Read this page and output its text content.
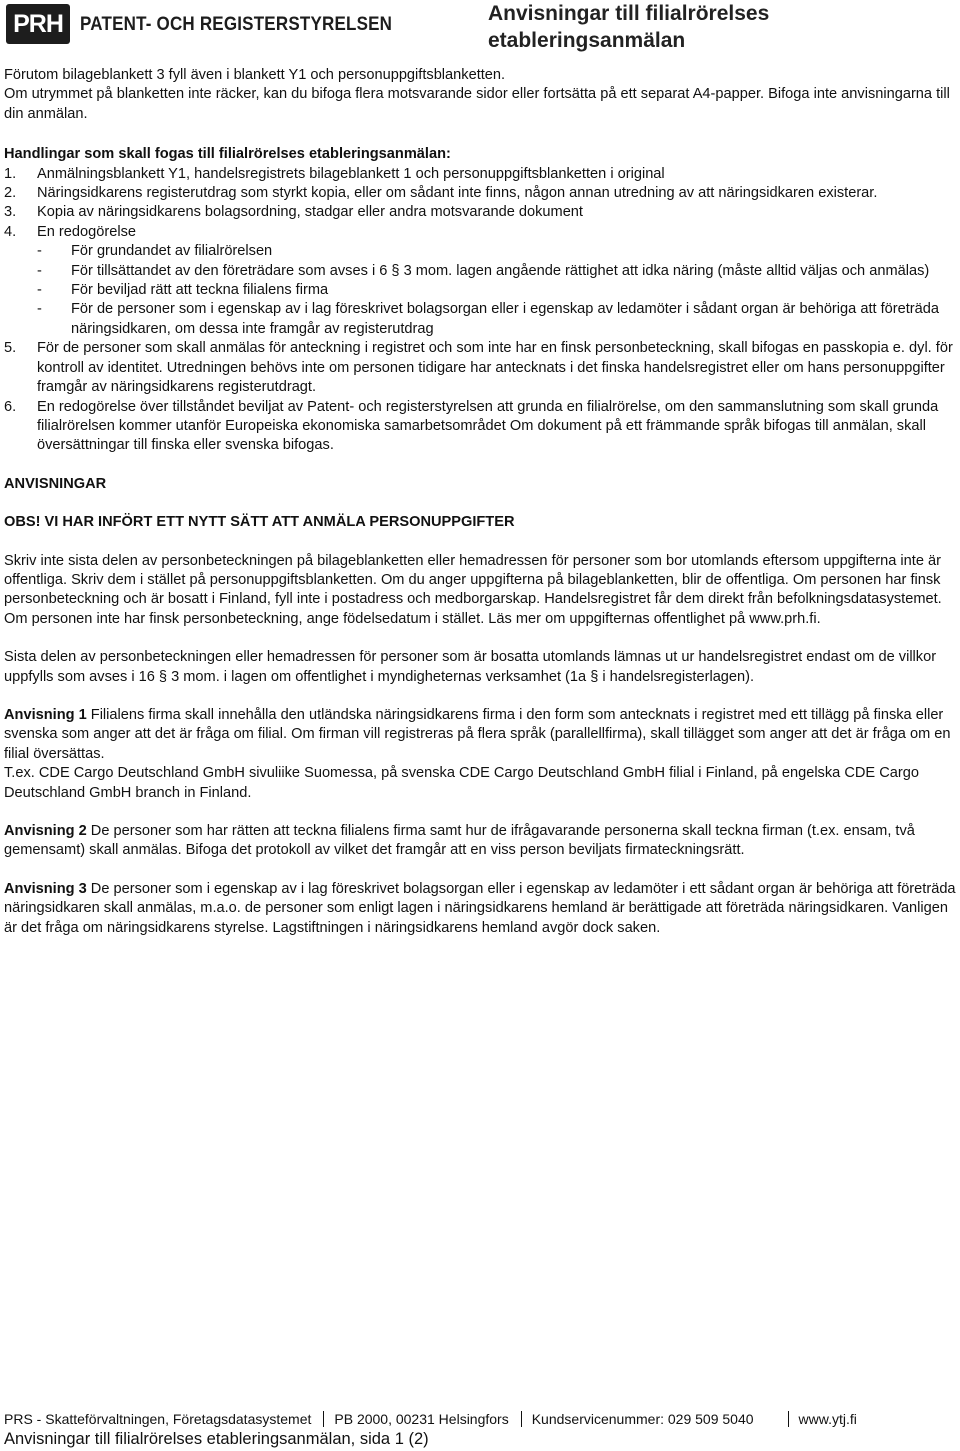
PRH	PATENT- OCH REGISTERSTYRELSEN	Anvisningar till filialrörelses
etableringsanmälan

Förutom bilageblankett 3 fyll även i blankett Y1 och personuppgiftsblanketten.

Om utrymmet på blanketten inte räcker, kan du bifoga flera motsvarande sidor eller fortsätta på ett separat A4-papper. Bifoga inte anvisningarna till din anmälan.

Handlingar som skall fogas till filialrörelses etableringsanmälan:

1.	Anmälningsblankett Y1, handelsregistrets bilageblankett 1 och personuppgiftsblanketten i original
2.	Näringsidkarens registerutdrag som styrkt kopia, eller om sådant inte finns, någon annan utredning av att näringsidkaren existerar.
3.	Kopia av näringsidkarens bolagsordning, stadgar eller andra motsvarande dokument
4.	En redogörelse
-	För grundandet av filialrörelsen
-	För tillsättandet av den företrädare som avses i 6 § 3 mom. lagen angående rättighet att idka näring (måste alltid väljas och anmälas)
-	För beviljad rätt att teckna filialens firma
-	För de personer som i egenskap av i lag föreskrivet bolagsorgan eller i egenskap av ledamöter i sådant organ är behöriga att företräda näringsidkaren, om dessa inte framgår av registerutdrag
5.	För de personer som skall anmälas för anteckning i registret och som inte har en finsk personbeteckning, skall bifogas en passkopia e. dyl. för kontroll av identitet. Utredningen behövs inte om personen tidigare har antecknats i det finska handelsregistret eller om hans personuppgifter framgår av näringsidkarens registerutdragt.
6.	En redogörelse över tillståndet beviljat av Patent- och registerstyrelsen att grunda en filialrörelse, om den sammanslutning som skall grunda filialrörelsen kommer utanför Europeiska ekonomiska samarbetsområdet Om dokument på ett främmande språk bifogas till anmälan, skall översättningar till finska eller svenska bifogas.

ANVISNINGAR

OBS! VI HAR INFÖRT ETT NYTT SÄTT ATT ANMÄLA PERSONUPPGIFTER

Skriv inte sista delen av personbeteckningen på bilageblanketten eller hemadressen för personer som bor utomlands eftersom uppgifterna inte är offentliga. Skriv dem i stället på personuppgiftsblanketten. Om du anger uppgifterna på bilageblanketten, blir de offentliga. Om personen har finsk personbeteckning och är bosatt i Finland, fyll inte i postadress och medborgarskap. Handelsregistret får dem direkt från befolkningsdatasystemet. Om personen inte har finsk personbeteckning, ange födelsedatum i stället. Läs mer om uppgifternas offentlighet på www.prh.fi.

Sista delen av personbeteckningen eller hemadressen för personer som är bosatta utomlands lämnas ut ur handelsregistret endast om de villkor uppfylls som avses i 16 § 3 mom. i lagen om offentlighet i myndigheternas verksamhet (1a § i handelsregisterlagen).

Anvisning 1 Filialens firma skall innehålla den utländska näringsidkarens firma i den form som antecknats i registret med ett tillägg på finska eller svenska som anger att det är fråga om filial. Om firman vill registreras på flera språk (parallellfirma), skall tillägget som anger att det är fråga om en filial översättas.

T.ex. CDE Cargo Deutschland GmbH sivuliike Suomessa, på svenska CDE Cargo Deutschland GmbH filial i Finland, på engelska CDE Cargo Deutschland GmbH branch in Finland.

Anvisning 2 De personer som har rätten att teckna filialens firma samt hur de ifrågavarande personerna skall teckna firman (t.ex. ensam, två gemensamt) skall anmälas. Bifoga det protokoll av vilket det framgår att en viss person beviljats firmateckningsrätt.

Anvisning 3 De personer som i egenskap av i lag föreskrivet bolagsorgan eller i egenskap av ledamöter i ett sådant organ är behöriga att företräda näringsidkaren skall anmälas, m.a.o. de personer som enligt lagen i näringsidkarens hemland är berättigade att företräda näringsidkaren. Vanligen är det fråga om näringsidkarens styrelse. Lagstiftningen i näringsidkarens hemland avgör dock saken.

PRS - Skatteförvaltningen, Företagsdatasystemet	PB 2000, 00231 Helsingfors	Kundservicenummer: 029 509 5040	www.ytj.fi
Anvisningar till filialrörelses etableringsanmälan, sida 1 (2)
